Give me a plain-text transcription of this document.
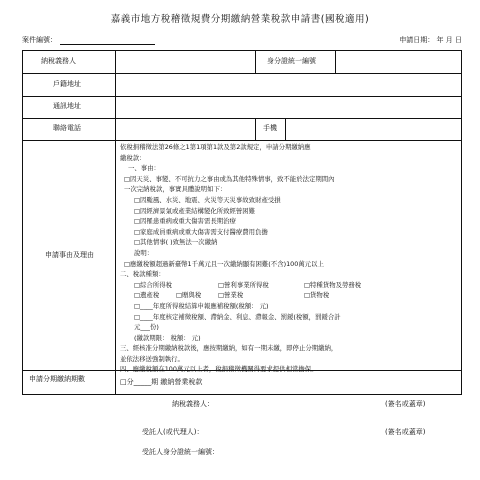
嘉義市地方稅稽徵規費分期繳納營業稅款申請書(國稅適用)
案件編號：	申請日期： 年 月 日
納稅義務人	身分證統一編號
戶籍地址
通訊地址
聯絡電話	手機
申請事由及理由
依稅捐稽徵法第26條之1第1項第1款及第2款規定，申請分期繳納應
繳稅款：
一、事由：
□因天災、事變、不可抗力之事由或為其他特殊情事，致不能於法定期間內
一次完納稅款，事實具體說明如下：
□因颱風、水災、地震、火災等天災事故致財產受損
□因經濟景氣或產業結構變化所致經營困難
□因罹患重病或重大傷害需長期治療
□家庭成員重病或重大傷害需支付醫療費用負擔
□其他情事( )致無法一次繳納
說明：
□應繳稅額超過新臺幣1千萬元且一次繳納顯有困難(不含)100萬元以上
二、稅款種類：
□綜合所得稅	□營利事業所得稅	□特種貨物及勞務稅
□遺產稅	□贈與稅	□營業稅	□貨物稅
□____年度所得稅結算申報應補稅額(稅額： 元)
□____年度核定補徵稅額、滯納金、利息、滯報金、罰鍰(稅額，罰鍰合計
元___份)
(繳款期限： 稅額： 元)
三、經核准分期繳納稅款後，應按期繳納，如有一期未繳，即停止分期繳納，
並依法移送強制執行。
四、應繳稅額在100萬元以上者，稅捐稽徵機關得要求提供相當擔保。
申請分期繳納期數	□分_____期 繳納營業稅款
納稅義務人：	(簽名或蓋章)
受託人(或代理人)：	(簽名或蓋章)
受託人身分證統一編號：
